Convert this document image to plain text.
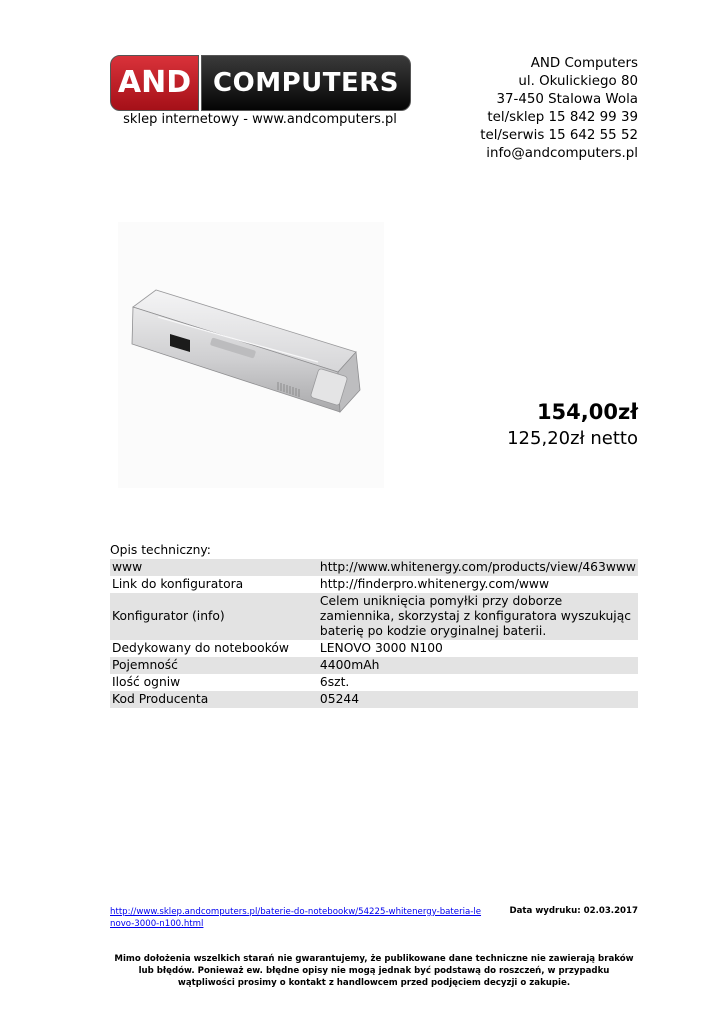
AND COMPUTERS
sklep internetowy - www.andcomputers.pl
AND Computers
ul. Okulickiego 80
37-450 Stalowa Wola
tel/sklep 15 842 99 39
tel/serwis 15 642 55 52
info@andcomputers.pl
154,00zł
125,20zł netto
Opis techniczny:
www	http://www.whitenergy.com/products/view/463www
Link do konfiguratora	http://finderpro.whitenergy.com/www
Konfigurator (info)	Celem uniknięcia pomyłki przy doborze zamiennika, skorzystaj z konfiguratora wyszukując baterię po kodzie oryginalnej baterii.
Dedykowany do notebooków	LENOVO 3000 N100
Pojemność	4400mAh
Ilość ogniw	6szt.
Kod Producenta	05244
http://www.sklep.andcomputers.pl/baterie-do-notebookw/54225-whitenergy-bateria-lenovo-3000-n100.html
Data wydruku: 02.03.2017
Mimo dołożenia wszelkich starań nie gwarantujemy, że publikowane dane techniczne nie zawierają braków lub błędów. Ponieważ ew. błędne opisy nie mogą jednak być podstawą do roszczeń, w przypadku wątpliwości prosimy o kontakt z handlowcem przed podjęciem decyzji o zakupie.
